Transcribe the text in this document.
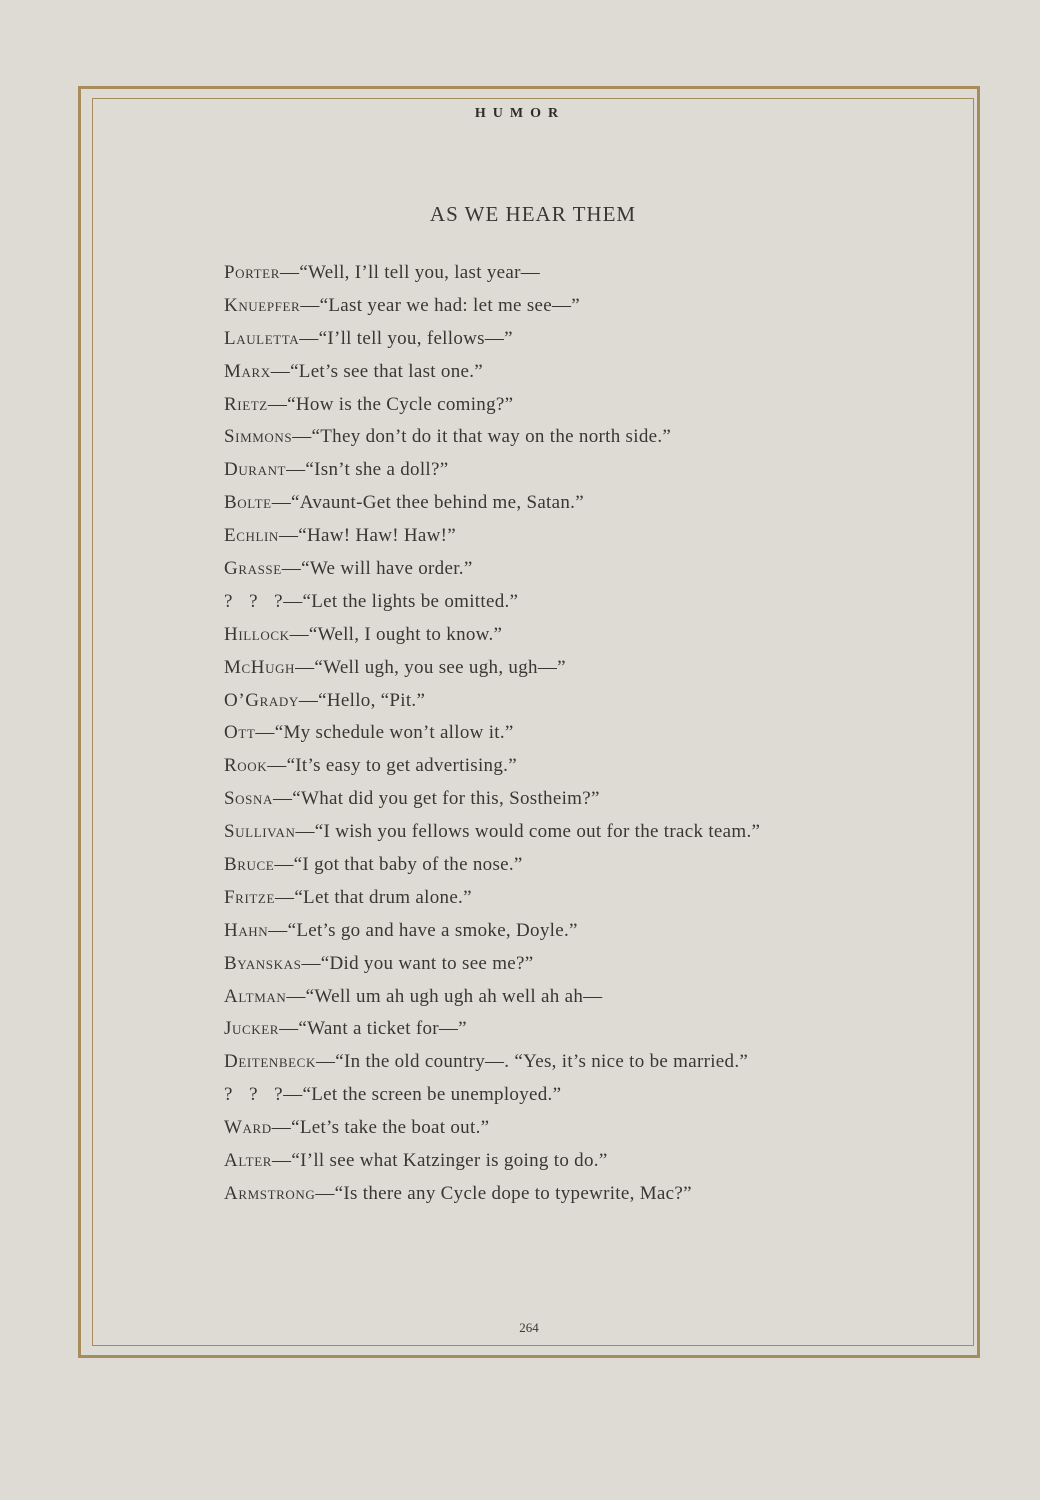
HUMOR
AS WE HEAR THEM
Porter—“Well, I’ll tell you, last year—
Knuepfer—“Last year we had: let me see—”
Lauletta—“I’ll tell you, fellows—”
Marx—“Let’s see that last one.”
Rietz—“How is the Cycle coming?”
Simmons—“They don’t do it that way on the north side.”
Durant—“Isn’t she a doll?”
Bolte—“Avaunt-Get thee behind me, Satan.”
Echlin—“Haw! Haw! Haw!”
Grasse—“We will have order.”
?   ?   ?—“Let the lights be omitted.”
Hillock—“Well, I ought to know.”
McHugh—“Well ugh, you see ugh, ugh—”
O’Grady—“Hello, “Pit.”
Ott—“My schedule won’t allow it.”
Rook—“It’s easy to get advertising.”
Sosna—“What did you get for this, Sostheim?”
Sullivan—“I wish you fellows would come out for the track team.”
Bruce—“I got that baby of the nose.”
Fritze—“Let that drum alone.”
Hahn—“Let’s go and have a smoke, Doyle.”
Byanskas—“Did you want to see me?”
Altman—“Well um ah ugh ugh ah well ah ah—
Jucker—“Want a ticket for—”
Deitenbeck—“In the old country—. “Yes, it’s nice to be married.”
?   ?   ?—“Let the screen be unemployed.”
Ward—“Let’s take the boat out.”
Alter—“I’ll see what Katzinger is going to do.”
Armstrong—“Is there any Cycle dope to typewrite, Mac?”
264
